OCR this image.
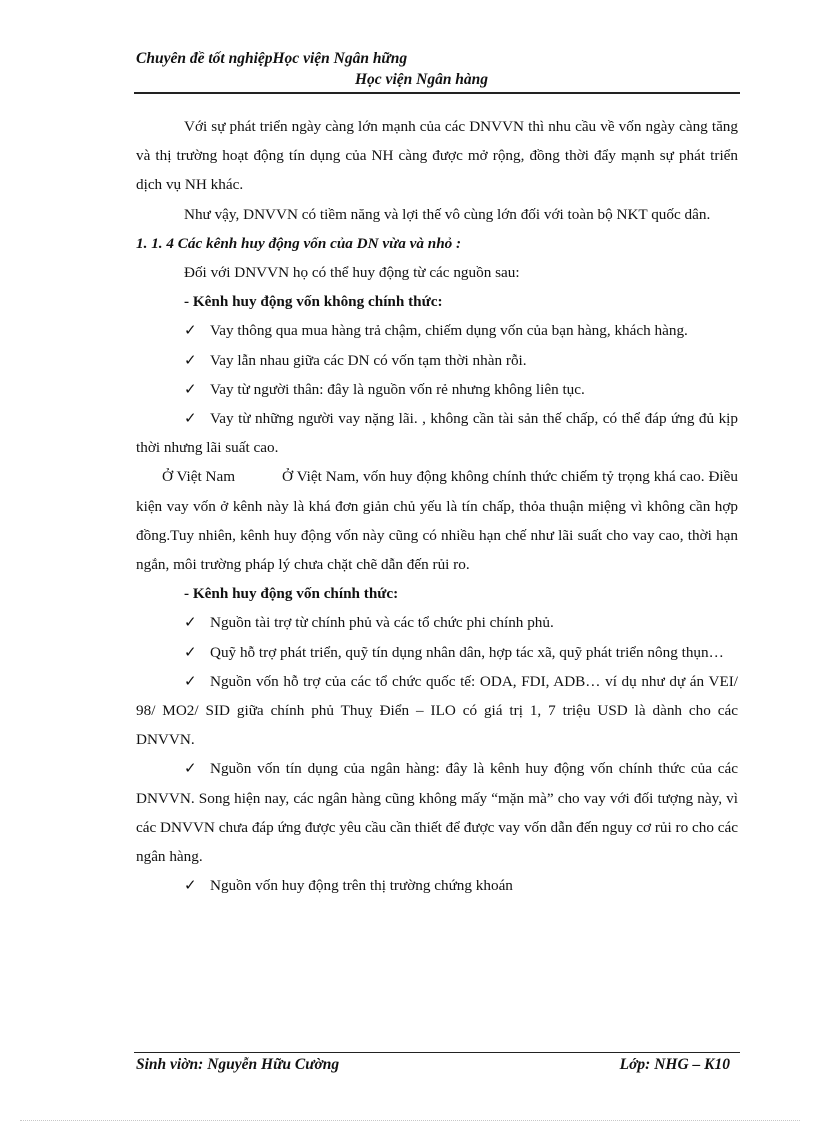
Chuyên đề tốt nghiệpHọc viện Ngân hững
Học viện Ngân hàng

Với sự phát triển ngày càng lớn mạnh của các DNVVN thì nhu cầu về vốn ngày càng tăng và thị trường hoạt động tín dụng của NH càng được mở rộng, đồng thời đẩy mạnh sự phát triển dịch vụ NH khác.

Như vậy, DNVVN có tiềm năng và lợi thế vô cùng lớn đối với toàn bộ NKT quốc dân.

1. 1. 4 Các kênh huy động vốn của DN vừa và nhỏ :

Đối với DNVVN họ có thể huy động từ các nguồn sau:

- Kênh huy động vốn không chính thức:

✓ Vay thông qua mua hàng trả chậm, chiếm dụng vốn của bạn hàng, khách hàng.

✓ Vay lẫn nhau giữa các DN có vốn tạm thời nhàn rỗi.

✓ Vay từ người thân: đây là nguồn vốn rẻ nhưng không liên tục.

✓ Vay từ những người vay nặng lãi. , không cần tài sản thế chấp, có thể đáp ứng đủ kịp thời nhưng lãi suất cao.

Ở Việt Nam	Ở Việt Nam, vốn huy động không chính thức chiếm tỷ trọng khá cao. Điều kiện vay vốn ở kênh này là khá đơn giản chủ yếu là tín chấp, thỏa thuận miệng vì không cần hợp đồng.Tuy nhiên, kênh huy động vốn này cũng có nhiều hạn chế như lãi suất cho vay cao, thời hạn ngắn, môi trường pháp lý chưa chặt chẽ dẫn đến rủi ro.

- Kênh huy động vốn chính thức:

✓ Nguồn tài trợ từ chính phủ và các tổ chức phi chính phủ.

✓ Quỹ hỗ trợ phát triển, quỹ tín dụng nhân dân, hợp tác xã, quỹ phát triển nông thụn…

✓ Nguồn vốn hỗ trợ của các tổ chức quốc tế: ODA, FDI, ADB… ví dụ như dự án VEI/ 98/ MO2/ SID giữa chính phủ Thuỵ Điển – ILO có giá trị 1, 7 triệu USD là dành cho các DNVVN.

✓ Nguồn vốn tín dụng của ngân hàng: đây là kênh huy động vốn chính thức của các DNVVN. Song hiện nay, các ngân hàng cũng không mấy “mặn mà” cho vay với đối tượng này, vì các DNVVN chưa đáp ứng được yêu cầu cần thiết để được vay vốn dẫn đến nguy cơ rủi ro cho các ngân hàng.

✓ Nguồn vốn huy động trên thị trường chứng khoán

Sinh viờn: Nguyễn Hữu Cường	Lớp: NHG – K10
